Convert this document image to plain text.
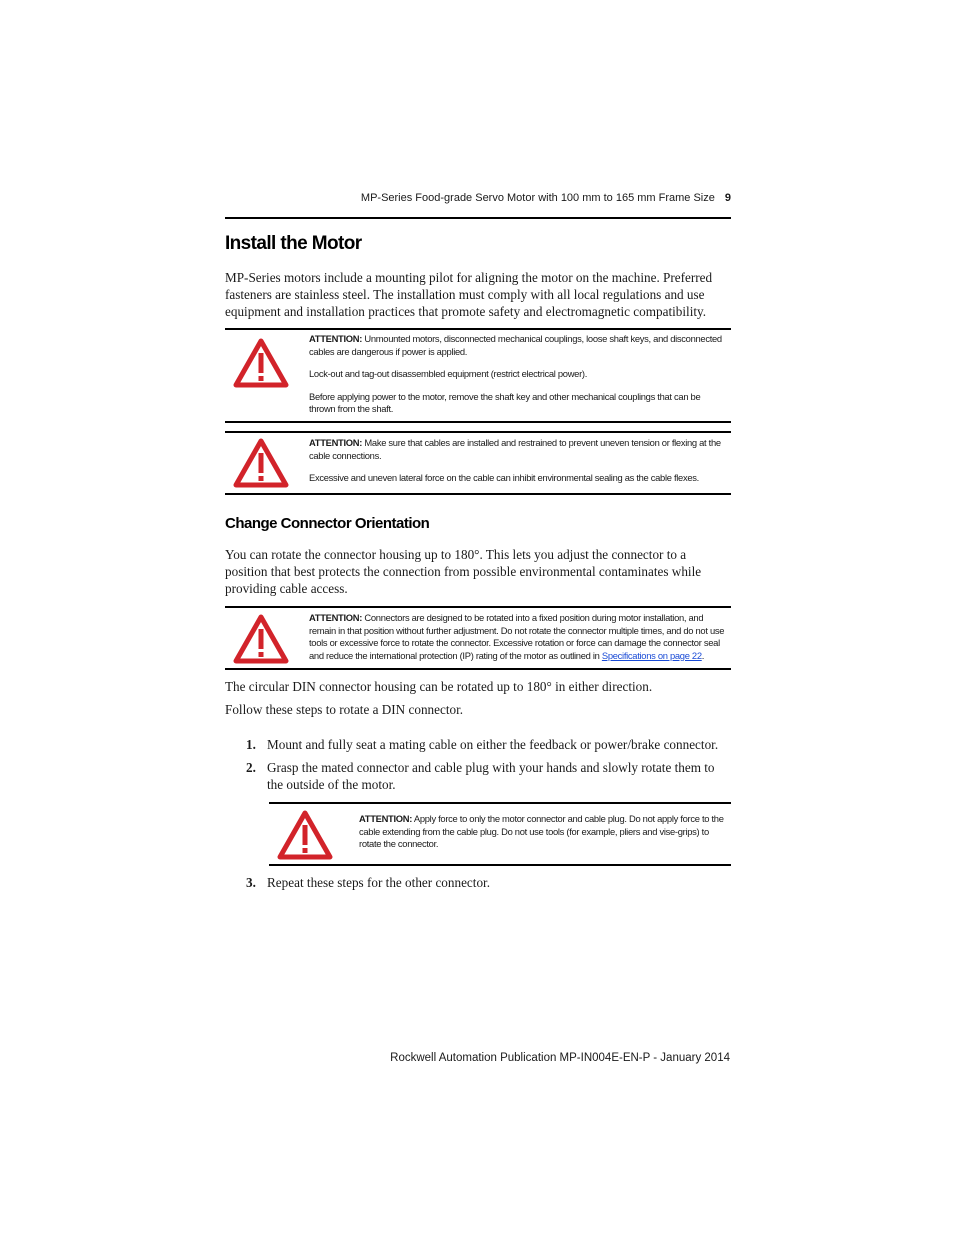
MP-Series Food-grade Servo Motor with 100 mm to 165 mm Frame Size 9
Install the Motor

MP-Series motors include a mounting pilot for aligning the motor on the machine. Preferred fasteners are stainless steel. The installation must comply with all local regulations and use equipment and installation practices that promote safety and electromagnetic compatibility.

ATTENTION: Unmounted motors, disconnected mechanical couplings, loose shaft keys, and disconnected cables are dangerous if power is applied.

Lock-out and tag-out disassembled equipment (restrict electrical power).

Before applying power to the motor, remove the shaft key and other mechanical couplings that can be thrown from the shaft.

ATTENTION: Make sure that cables are installed and restrained to prevent uneven tension or flexing at the cable connections.

Excessive and uneven lateral force on the cable can inhibit environmental sealing as the cable flexes.

Change Connector Orientation

You can rotate the connector housing up to 180°. This lets you adjust the connector to a position that best protects the connection from possible environmental contaminates while providing cable access.

ATTENTION: Connectors are designed to be rotated into a fixed position during motor installation, and remain in that position without further adjustment. Do not rotate the connector multiple times, and do not use tools or excessive force to rotate the connector. Excessive rotation or force can damage the connector seal and reduce the international protection (IP) rating of the motor as outlined in Specifications on page 22.

The circular DIN connector housing can be rotated up to 180° in either direction.

Follow these steps to rotate a DIN connector.

1. Mount and fully seat a mating cable on either the feedback or power/brake connector.
2. Grasp the mated connector and cable plug with your hands and slowly rotate them to the outside of the motor.

ATTENTION: Apply force to only the motor connector and cable plug. Do not apply force to the cable extending from the cable plug. Do not use tools (for example, pliers and vise-grips) to rotate the connector.

3. Repeat these steps for the other connector.
Rockwell Automation Publication MP-IN004E-EN-P - January 2014
